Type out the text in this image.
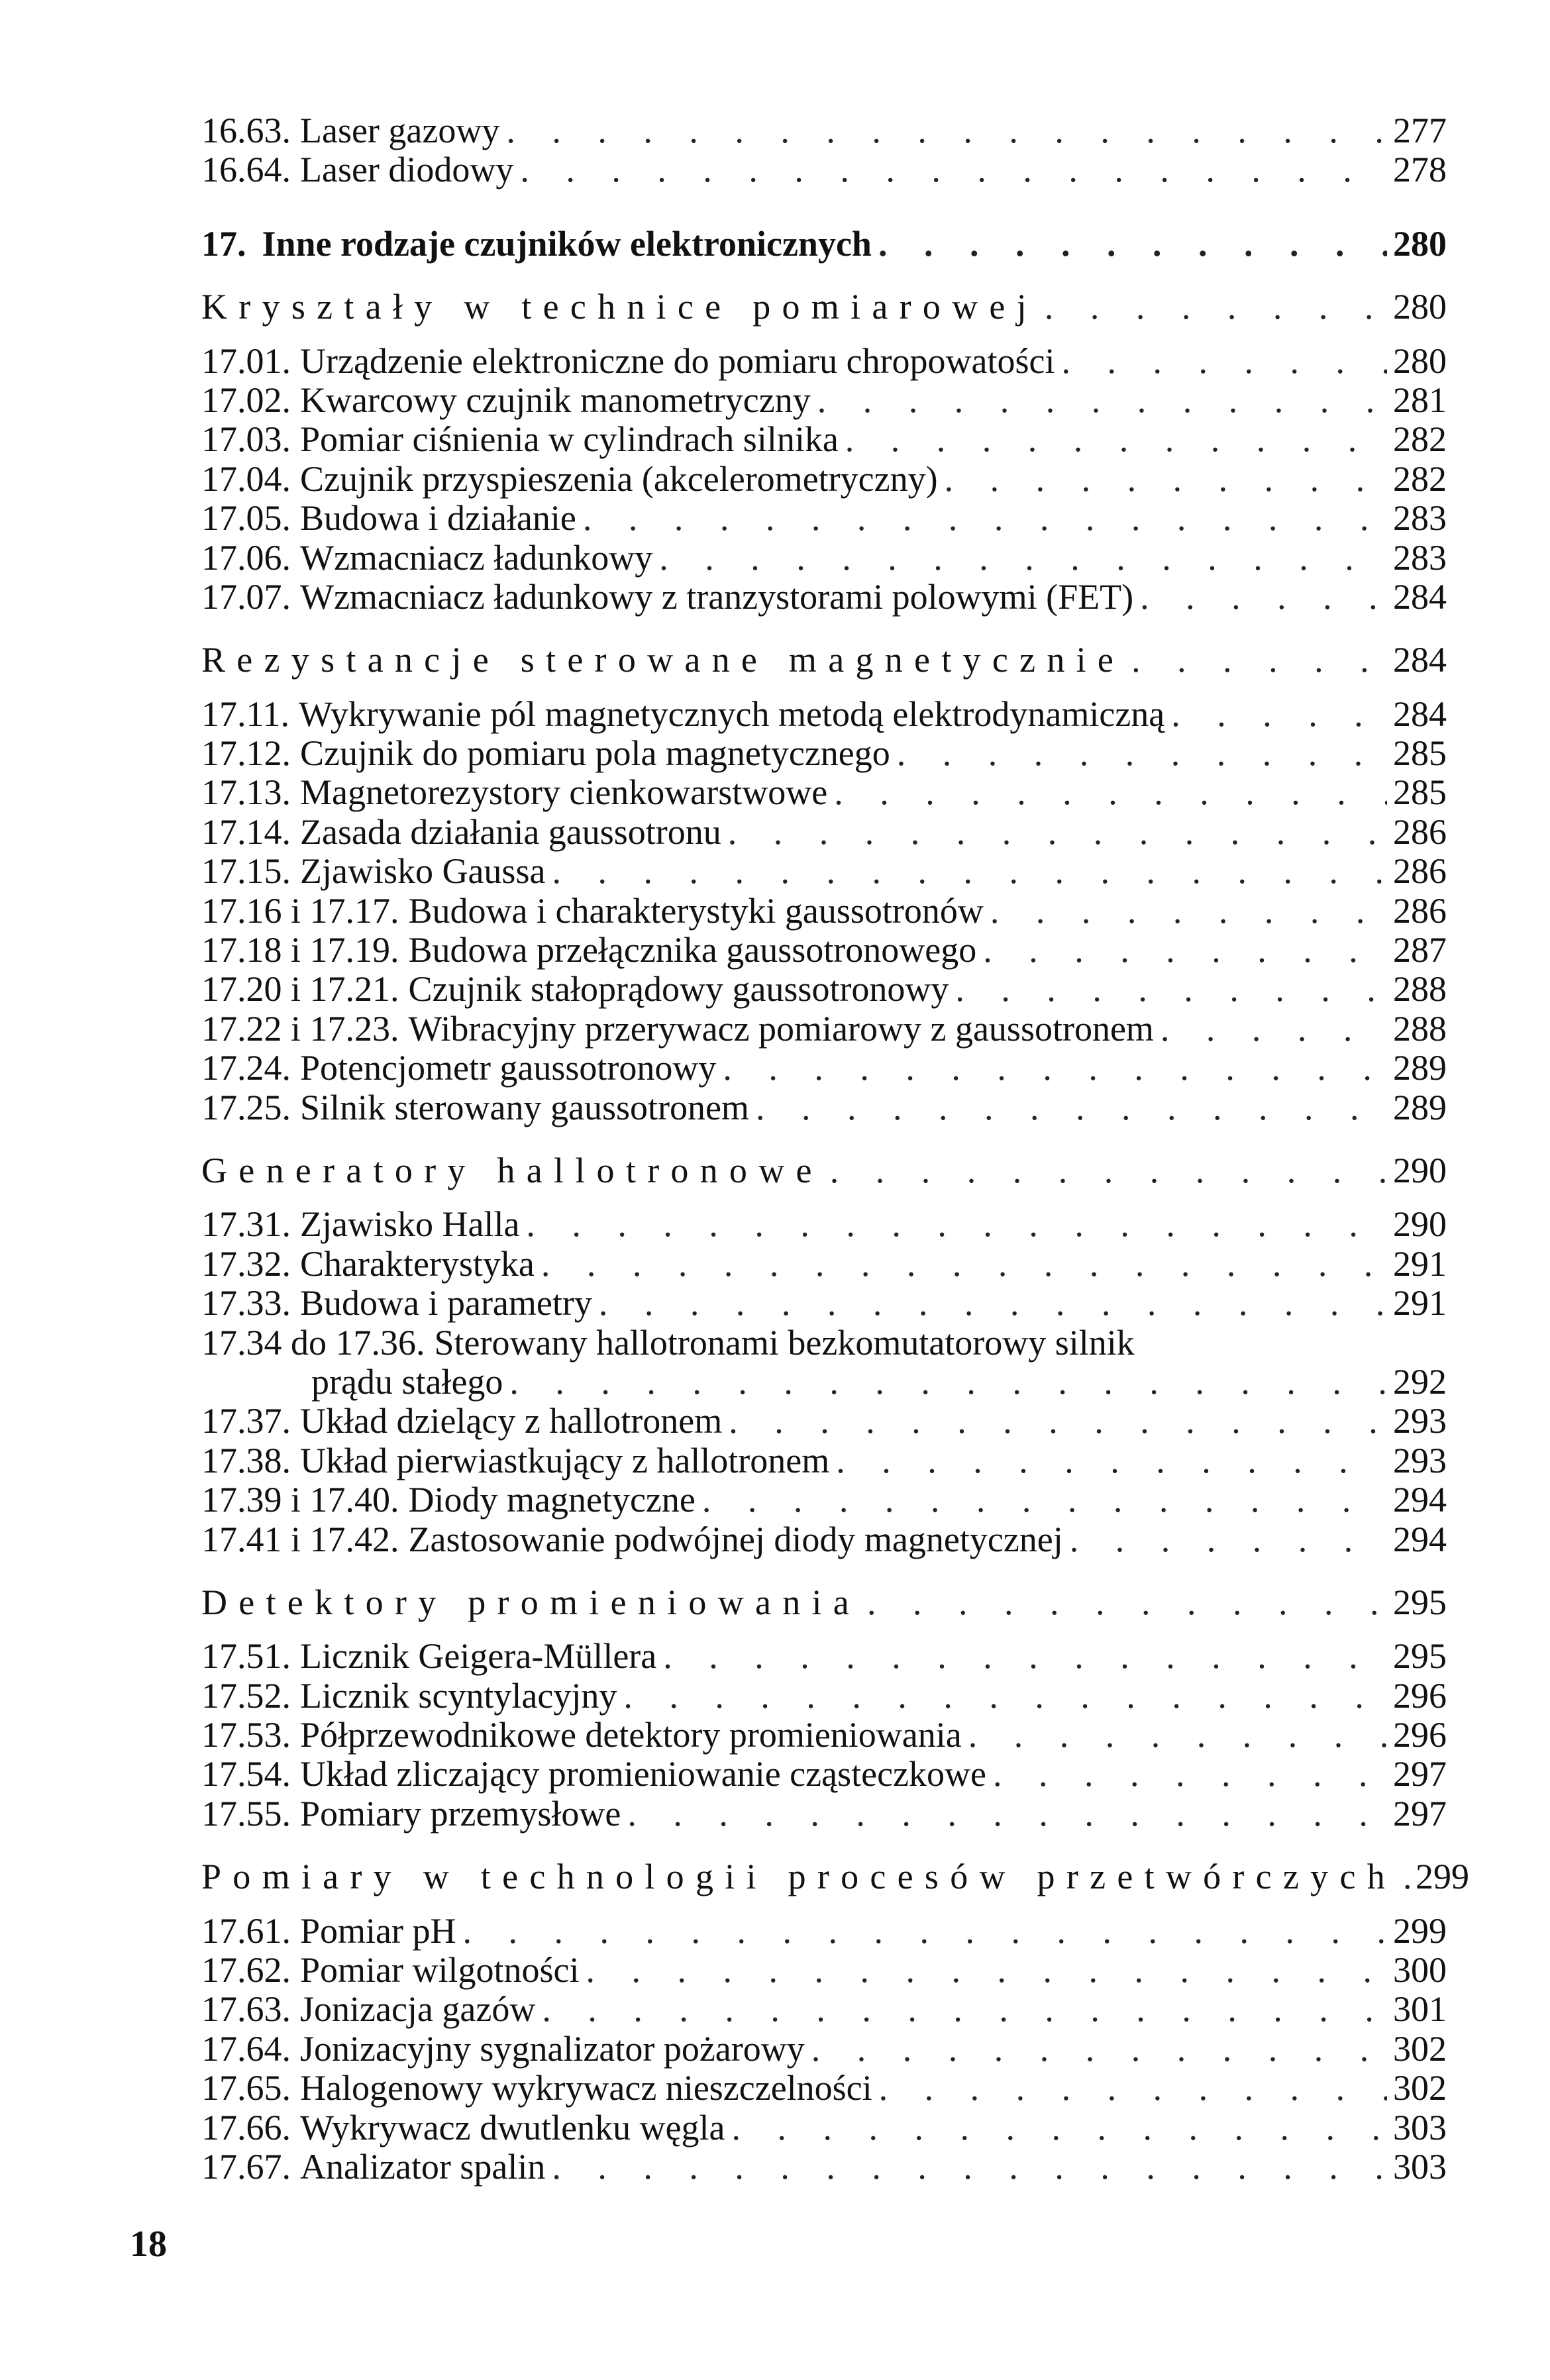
16.63. Laser gazowy . . .	277
16.64. Laser diodowy . . .	278
17. Inne rodzaje czujników elektronicznych . . .	280
Kryształy w technice pomiarowej . . .	280
17.01. Urządzenie elektroniczne do pomiaru chropowatości . . .	280
17.02. Kwarcowy czujnik manometryczny . . .	281
17.03. Pomiar ciśnienia w cylindrach silnika . . .	282
17.04. Czujnik przyspieszenia (akcelerometryczny) . . .	282
17.05. Budowa i działanie . . .	283
17.06. Wzmacniacz ładunkowy . . .	283
17.07. Wzmacniacz ładunkowy z tranzystorami polowymi (FET) . . .	284
Rezystancje sterowane magnetycznie . . .	284
17.11. Wykrywanie pól magnetycznych metodą elektrodynamiczną . . .	284
17.12. Czujnik do pomiaru pola magnetycznego . . .	285
17.13. Magnetorezystory cienkowarstwowe . . .	285
17.14. Zasada działania gaussotronu . . .	286
17.15. Zjawisko Gaussa . . .	286
17.16 i 17.17. Budowa i charakterystyki gaussotronów . . .	286
17.18 i 17.19. Budowa przełącznika gaussotronowego . . .	287
17.20 i 17.21. Czujnik stałoprądowy gaussotronowy . . .	288
17.22 i 17.23. Wibracyjny przerywacz pomiarowy z gaussotronem . . .	288
17.24. Potencjometr gaussotronowy . . .	289
17.25. Silnik sterowany gaussotronem . . .	289
Generatory hallotronowe . . .	290
17.31. Zjawisko Halla . . .	290
17.32. Charakterystyka . . .	291
17.33. Budowa i parametry . . .	291
17.34 do 17.36. Sterowany hallotronami bezkomutatorowy silnik
prądu stałego . . .	292
17.37. Układ dzielący z hallotronem . . .	293
17.38. Układ pierwiastkujący z hallotronem . . .	293
17.39 i 17.40. Diody magnetyczne . . .	294
17.41 i 17.42. Zastosowanie podwójnej diody magnetycznej . . .	294
Detektory promieniowania . . .	295
17.51. Licznik Geigera-Müllera . . .	295
17.52. Licznik scyntylacyjny . . .	296
17.53. Półprzewodnikowe detektory promieniowania . . .	296
17.54. Układ zliczający promieniowanie cząsteczkowe . . .	297
17.55. Pomiary przemysłowe . . .	297
Pomiary w technologii procesów przetwórczych . . . 299
17.61. Pomiar pH . . .	299
17.62. Pomiar wilgotności . . .	300
17.63. Jonizacja gazów . . .	301
17.64. Jonizacyjny sygnalizator pożarowy . . .	302
17.65. Halogenowy wykrywacz nieszczelności . . .	302
17.66. Wykrywacz dwutlenku węgla . . .	303
17.67. Analizator spalin . . .	303
18
